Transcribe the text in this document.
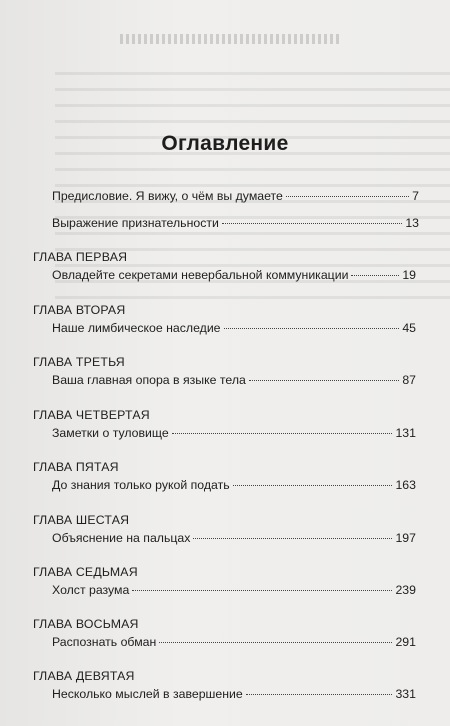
Оглавление
Предисловие. Я вижу, о чём вы думаете	7
Выражение признательности	13
ГЛАВА ПЕРВАЯ
Овладейте секретами невербальной коммуникации	19
ГЛАВА ВТОРАЯ
Наше лимбическое наследие	45
ГЛАВА ТРЕТЬЯ
Ваша главная опора в языке тела	87
ГЛАВА ЧЕТВЕРТАЯ
Заметки о туловище	131
ГЛАВА ПЯТАЯ
До знания только рукой подать	163
ГЛАВА ШЕСТАЯ
Объяснение на пальцах	197
ГЛАВА СЕДЬМАЯ
Холст разума	239
ГЛАВА ВОСЬМАЯ
Распознать обман	291
ГЛАВА ДЕВЯТАЯ
Несколько мыслей в завершение	331
